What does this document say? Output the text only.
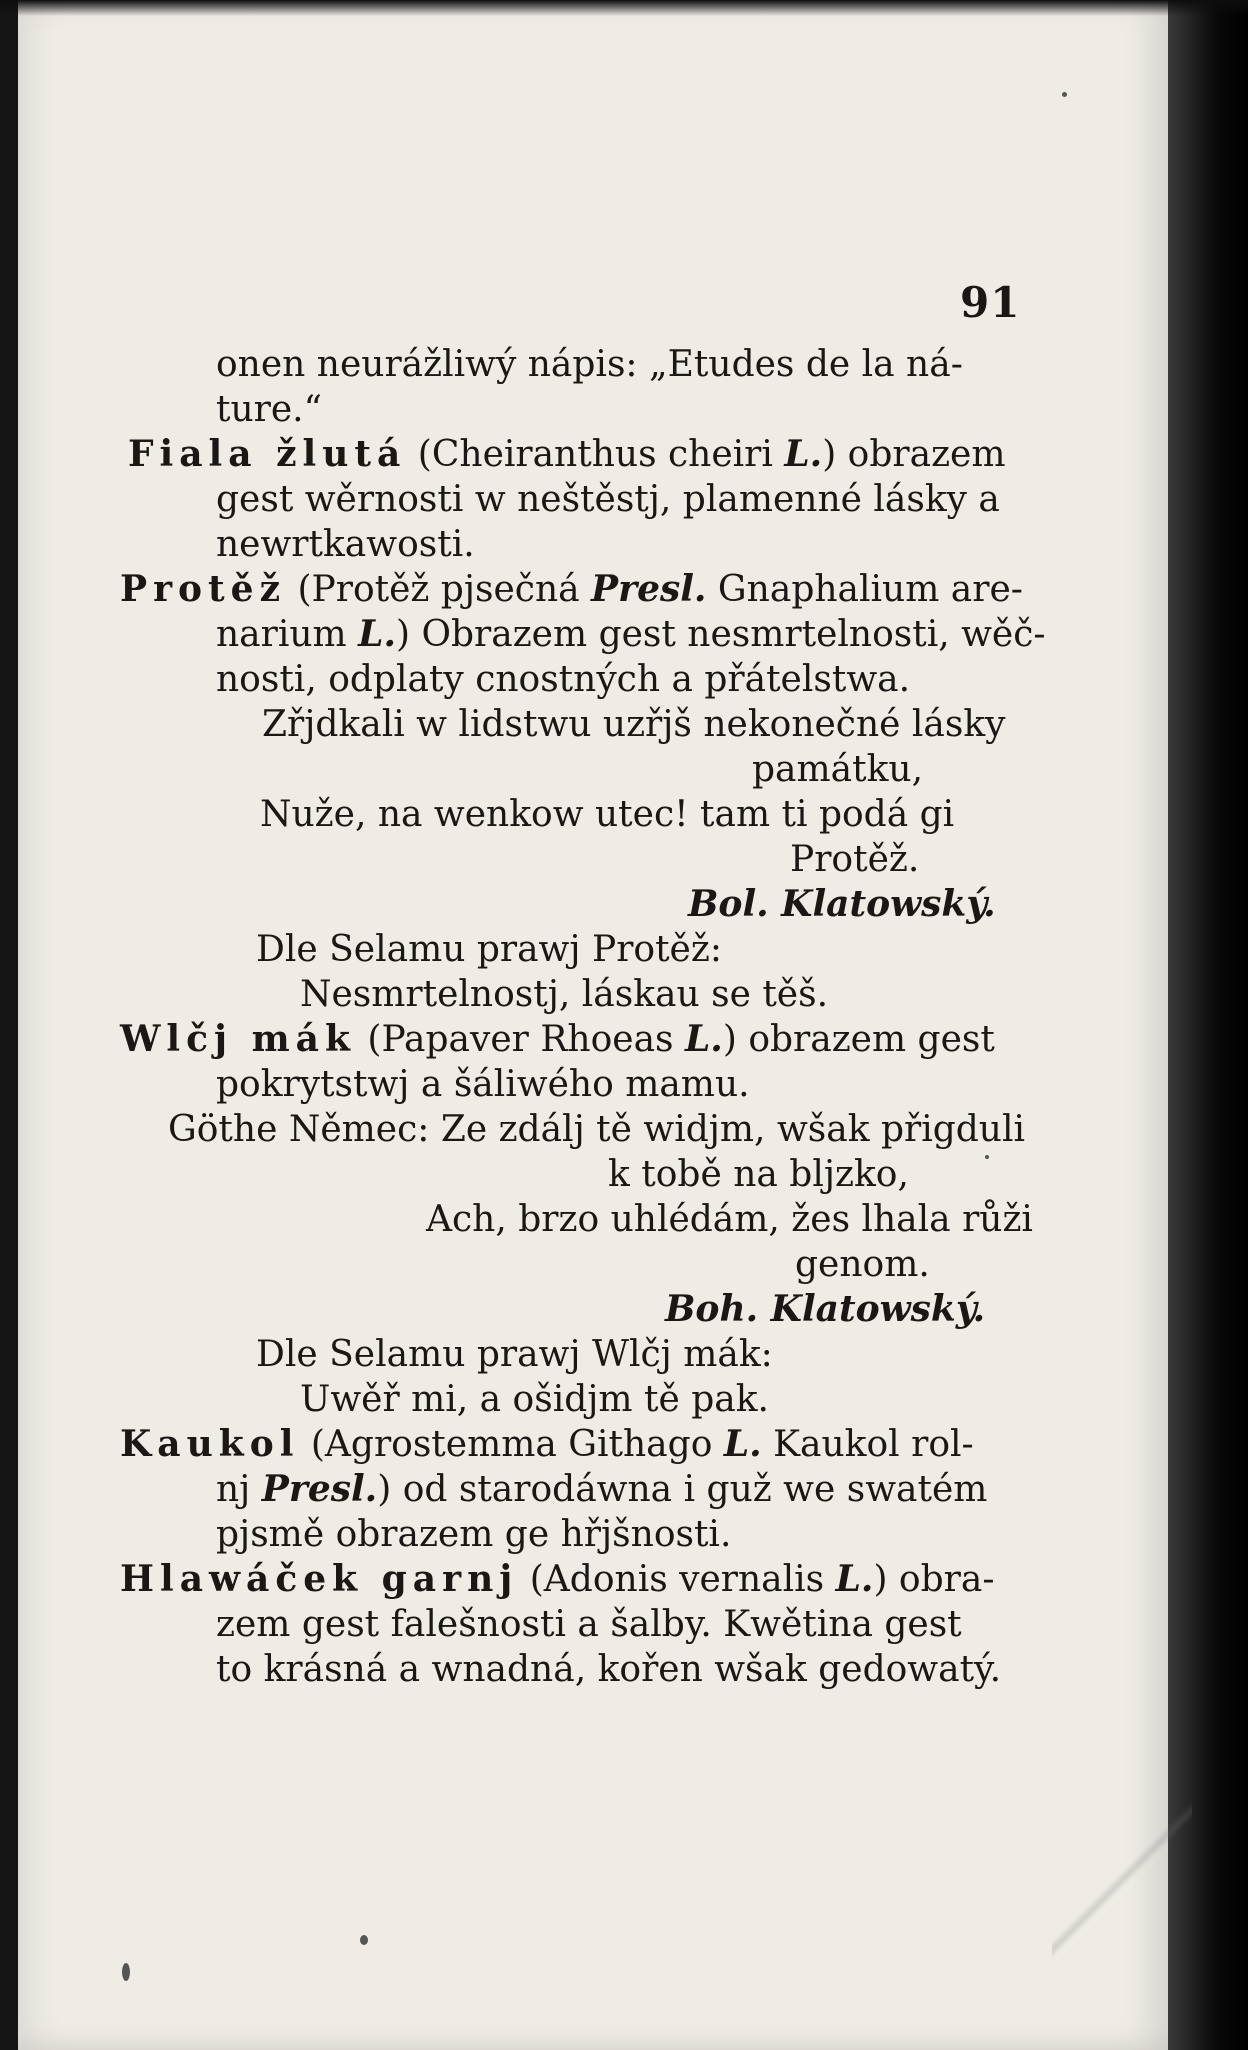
91
onen neurážliwý nápis: „Etudes de la ná-
ture.“
Fiala žlutá (Cheiranthus cheiri L.) obrazem
gest wěrnosti w neštěstj, plamenné lásky a
newrtkawosti.
Protěž (Protěž pjsečná Presl. Gnaphalium are-
narium L.) Obrazem gest nesmrtelnosti, wěč-
nosti, odplaty cnostných a přátelstwa.
Zřjdkali w lidstwu uzřjš nekonečné lásky
památku,
Nuže, na wenkow utec! tam ti podá gi
Protěž.
Bol. Klatowský.
Dle Selamu prawj Protěž:
Nesmrtelnostj, láskau se těš.
Wlčj mák (Papaver Rhoeas L.) obrazem gest
pokrytstwj a šáliwého mamu.
Göthe Němec: Ze zdálj tě widjm, wšak přigduli
k tobě na blјzko,
Ach, brzo uhlédám, žes lhala růži
genom.
Boh. Klatowský.
Dle Selamu prawj Wlčj mák:
Uwěř mi, a ošidjm tě pak.
Kaukol (Agrostemma Githago L. Kaukol rol-
nj Presl.) od starodáwna i guž we swatém
pjsmě obrazem ge hřjšnosti.
Hlawáček garnj (Adonis vernalis L.) obra-
zem gest falešnosti a šalby. Kwětina gest
to krásná a wnadná, kořen wšak gedowatý.
